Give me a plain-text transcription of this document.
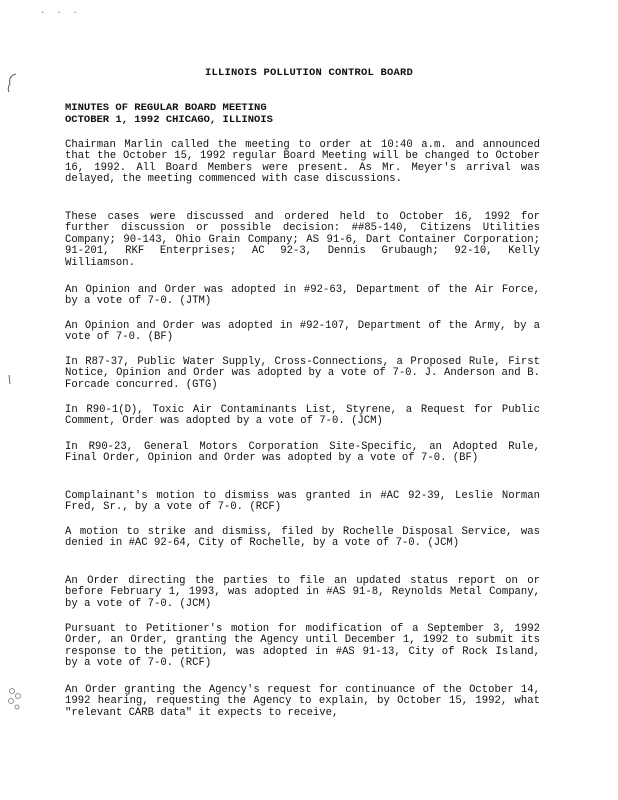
·  ·  ·
ILLINOIS POLLUTION CONTROL BOARD
MINUTES OF REGULAR BOARD MEETING
OCTOBER 1, 1992 CHICAGO, ILLINOIS
Chairman Marlin called the meeting to order at 10:40 a.m. and announced that the October 15, 1992 regular Board Meeting will be changed to October 16, 1992. All Board Members were present. As Mr. Meyer's arrival was delayed, the meeting commenced with case discussions.
These cases were discussed and ordered held to October 16, 1992 for further discussion or possible decision: ##85-140, Citizens Utilities Company; 90-143, Ohio Grain Company; AS 91-6, Dart Container Corporation; 91-201, RKF Enterprises; AC 92-3, Dennis Grubaugh; 92-10, Kelly Williamson.
An Opinion and Order was adopted in #92-63, Department of the Air Force, by a vote of 7-0. (JTM)
An Opinion and Order was adopted in #92-107, Department of the Army, by a vote of 7-0. (BF)
In R87-37, Public Water Supply, Cross-Connections, a Proposed Rule, First Notice, Opinion and Order was adopted by a vote of 7-0. J. Anderson and B. Forcade concurred. (GTG)
In R90-1(D), Toxic Air Contaminants List, Styrene, a Request for Public Comment, Order was adopted by a vote of 7-0. (JCM)
In R90-23, General Motors Corporation Site-Specific, an Adopted Rule, Final Order, Opinion and Order was adopted by a vote of 7-0. (BF)
Complainant's motion to dismiss was granted in #AC 92-39, Leslie Norman Fred, Sr., by a vote of 7-0. (RCF)
A motion to strike and dismiss, filed by Rochelle Disposal Service, was denied in #AC 92-64, City of Rochelle, by a vote of 7-0. (JCM)
An Order directing the parties to file an updated status report on or before February 1, 1993, was adopted in #AS 91-8, Reynolds Metal Company, by a vote of 7-0. (JCM)
Pursuant to Petitioner's motion for modification of a September 3, 1992 Order, an Order, granting the Agency until December 1, 1992 to submit its response to the petition, was adopted in #AS 91-13, City of Rock Island, by a vote of 7-0. (RCF)
An Order granting the Agency's request for continuance of the October 14, 1992 hearing, requesting the Agency to explain, by October 15, 1992, what "relevant CARB data" it expects to receive,
